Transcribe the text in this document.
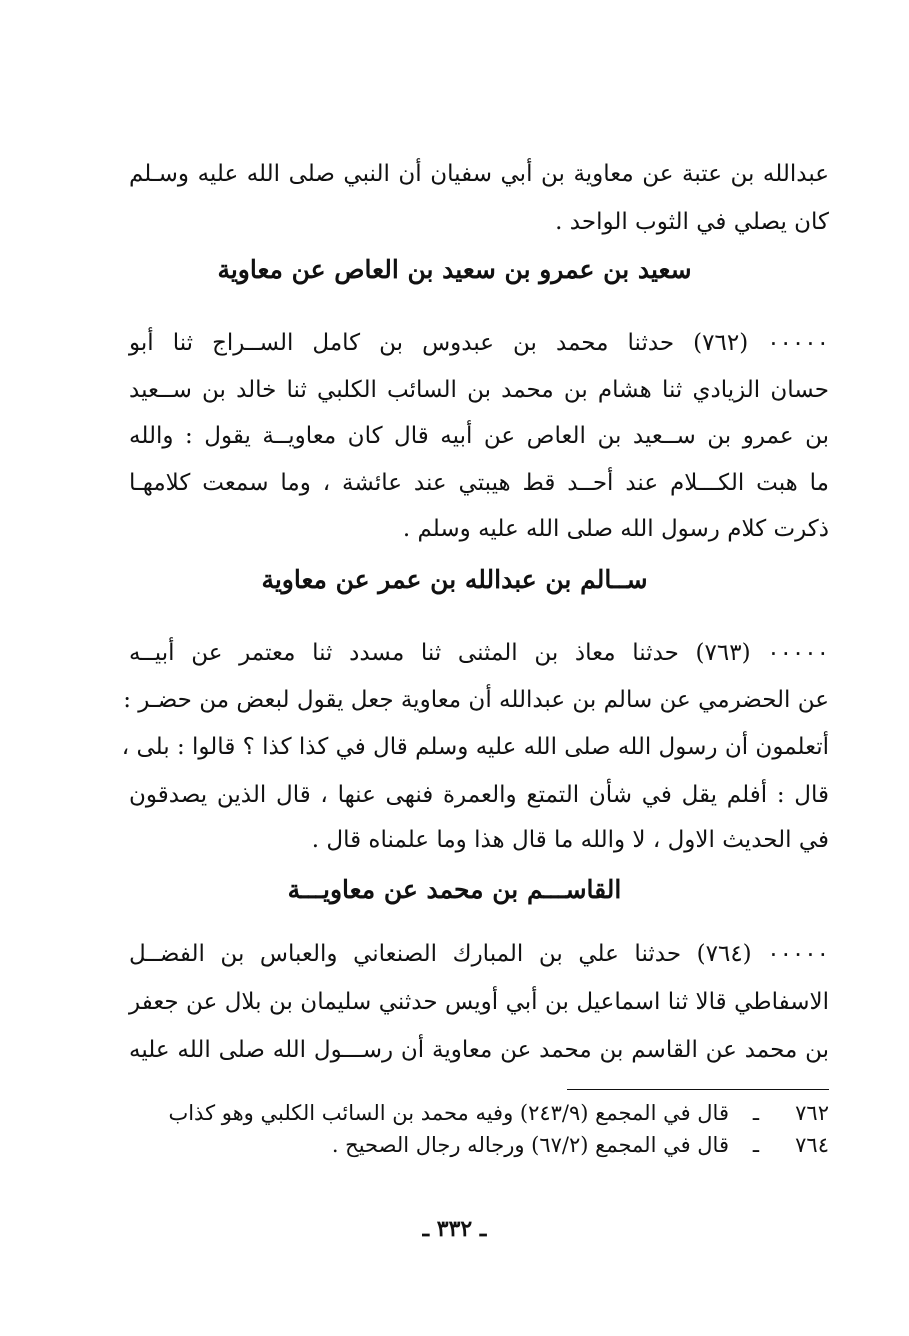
عبدالله بن عتبة عن معاوية بن أبي سفيان أن النبي صلى الله عليه وسـلم
كان يصلي في الثوب الواحد .
سعيد بن عمرو بن سعيد بن العاص عن معاوية
٠٠٠٠٠ (٧٦٢) حدثنا محمد بن عبدوس بن كامل الســراج ثنا أبو
حسان الزيادي ثنا هشام بن محمد بن السائب الكلبي ثنا خالد بن ســعيد
بن عمرو بن ســعيد بن العاص عن أبيه قال كان معاويــة يقول : والله
ما هبت الكـــلام عند أحــد قط هيبتي عند عائشة ، وما سمعت كلامهـا
ذكرت كلام رسول الله صلى الله عليه وسلم .
ســالم بن عبدالله بن عمر عن معاوية
٠٠٠٠٠ (٧٦٣) حدثنا معاذ بن المثنى ثنا مسدد ثنا معتمر عن أبيــه
عن الحضرمي عن سالم بن عبدالله أن معاوية جعل يقول لبعض من حضـر :
أتعلمون أن رسول الله صلى الله عليه وسلم قال في كذا كذا ؟ قالوا : بلى ،
قال : أفلم يقل في شأن التمتع والعمرة فنهى عنها ، قال الذين يصدقون
في الحديث الاول ، لا والله ما قال هذا وما علمناه قال .
القاســـم بن محمد عن معاويـــة
٠٠٠٠٠ (٧٦٤) حدثنا علي بن المبارك الصنعاني والعباس بن الفضــل
الاسفاطي قالا ثنا اسماعيل بن أبي أويس حدثني سليمان بن بلال عن جعفر
بن محمد عن القاسم بن محمد عن معاوية أن رســـول الله صلى الله عليه
٧٦٢ـقال في المجمع (٢٤٣/٩) وفيه محمد بن السائب الكلبي وهو كذاب
٧٦٤ـقال في المجمع (٦٧/٢) ورجاله رجال الصحيح .
ـ ٣٣٢ ـ
